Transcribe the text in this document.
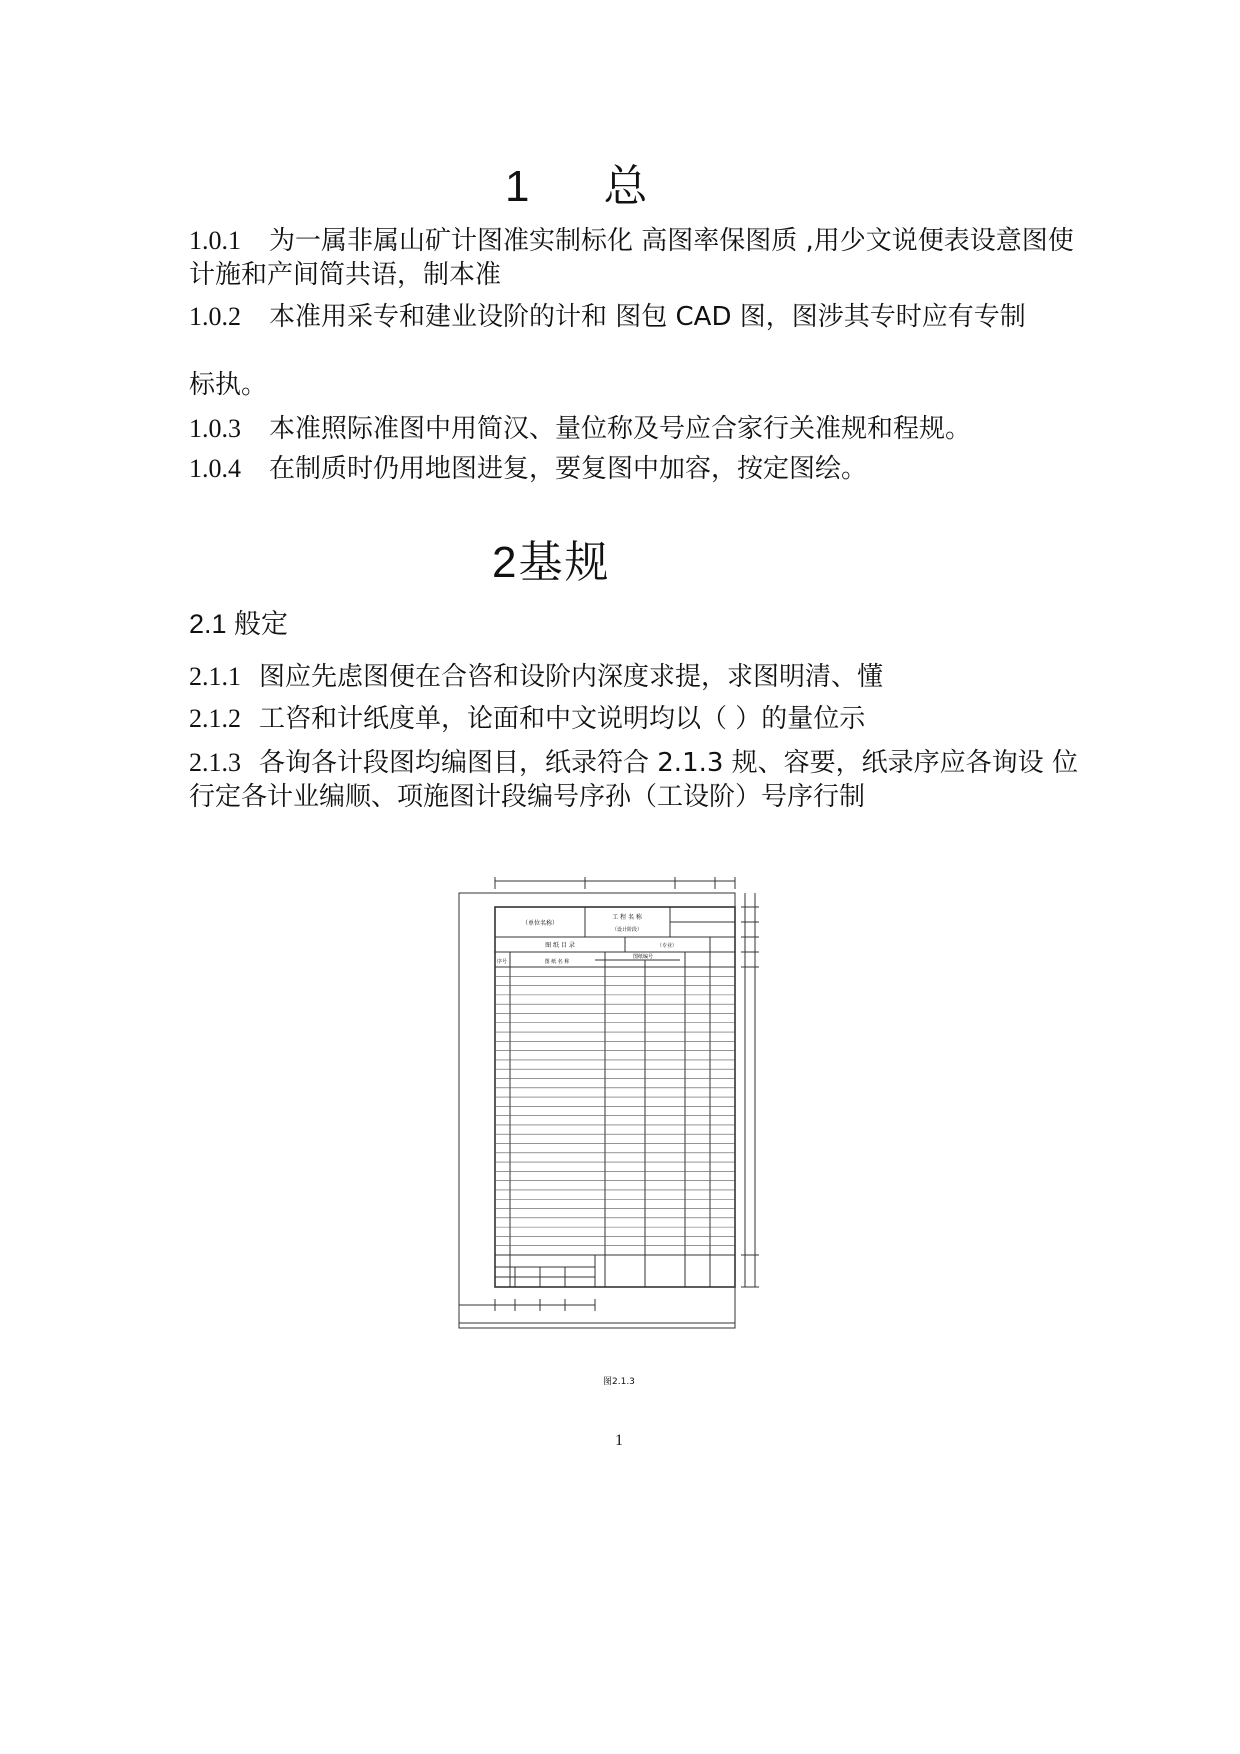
1 总
1.0.1 为一属非属山矿计图准实制标化 高图率保图质 ,用少文说便表设意图使计施和产间简共语，制本准
1.0.2 本准用采专和建业设阶的计和 图包 CAD 图，图涉其专时应有专制
标执。
1.0.3 本准照际准图中用简汉、量位称及号应合家行关准规和程规。
1.0.4 在制质时仍用地图进复，要复图中加容，按定图绘。
2基规
2.1 般定
2.1.1 图应先虑图便在合咨和设阶内深度求提，求图明清、懂
2.1.2 工咨和计纸度单，论面和中文说明均以（ ）的量位示
2.1.3 各询各计段图均编图目，纸录符合 2.1.3 规、容要，纸录序应各询设 位行定各计业编顺、项施图计段编号序孙（工设阶）号序行制
（单位名称）
工 程 名 称
（设计阶段）
图 纸 目 录	（专业）
序号	图 纸 名 称
图纸编号
图2.1.3
1
